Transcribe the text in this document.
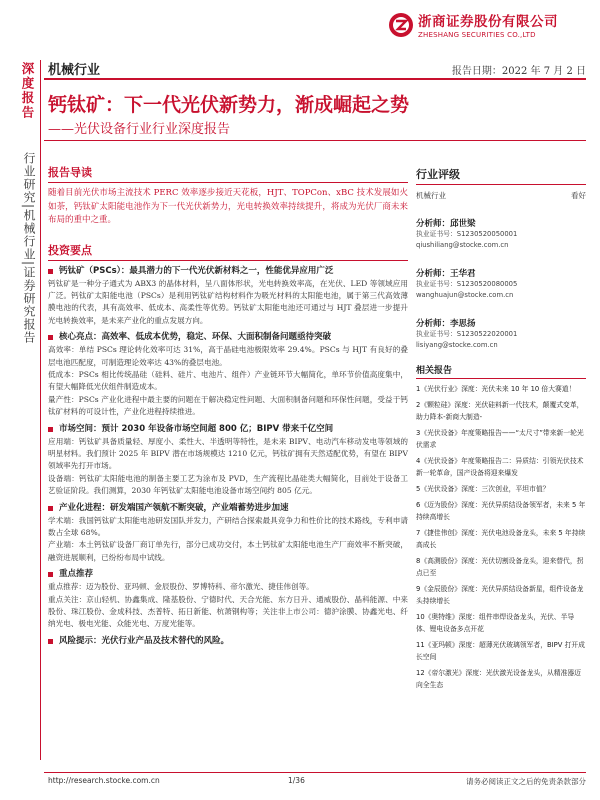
浙商证券股份有限公司
ZHESHANG SECURITIES CO.,LTD
深度报告
行业研究|机械行业|证券研究报告
机械行业	报告日期：2022 年 7 月 2 日
钙钛矿：下一代光伏新势力，渐成崛起之势
——光伏设备行业行业深度报告
报告导读
随着目前光伏市场主流技术 PERC 效率逐步接近天花板，HJT、TOPCon、xBC 技术发展如火如荼，钙钛矿太阳能电池作为下一代光伏新势力，光电转换效率持续提升，将成为光伏厂商未来布局的重中之重。
投资要点
钙钛矿（PSCs）：最具潜力的下一代光伏新材料之一，性能优异应用广泛
钙钛矿是一种分子通式为 ABX3 的晶体材料，呈八面体形状，光电转换效率高，在光伏、LED 等领域应用广泛。钙钛矿太阳能电池（PSCs）是利用钙钛矿结构材料作为吸光材料的太阳能电池，属于第三代高效薄膜电池的代表，具有高效率、低成本、高柔性等优势。钙钛矿太阳能电池还可通过与 HJT 叠层进一步提升光电转换效率，是未来产业化的重点发展方向。
核心亮点：高效率、低成本优势，稳定、环保、大面积制备问题亟待突破
高效率：单结 PSCs 理论转化效率可达 31%，高于晶硅电池极限效率 29.4%。PSCs 与 HJT 有良好的叠层电池匹配度，可制造理论效率达 43%的叠层电池。
低成本：PSCs 相比传统晶硅（硅料、硅片、电池片、组件）产业链环节大幅简化，单环节价值高度集中，有望大幅降低光伏组件制造成本。
量产性：PSCs 产业化进程中最主要的问题在于解决稳定性问题、大面积制备问题和环保性问题，受益于钙钛矿材料的可设计性，产业化进程持续推进。
市场空间：预计 2030 年设备市场空间超 800 亿；BIPV 带来千亿空间
应用端：钙钛矿具备质量轻、厚度小、柔性大、半透明等特性，是未来 BIPV、电动汽车移动发电等领域的明星材料。我们预计 2025 年 BIPV 潜在市场规模达 1210 亿元，钙钛矿拥有天然适配优势，有望在 BIPV 领域率先打开市场。
设备端：钙钛矿太阳能电池的制备主要工艺为涂布及 PVD，生产流程比晶硅类大幅简化，目前处于设备工艺验证阶段。我们测算，2030 年钙钛矿太阳能电池设备市场空间约 805 亿元。
产业化进程：研发端国产领航不断突破，产业端蓄势进步加速
学术端：我国钙钛矿太阳能电池研发国队并发力，产研结合探索最具竞争力和性价比的技术路线，专利申请数占全球 68%。
产业端：本土钙钛矿设备厂商订单先行，部分已成功交付，本土钙钛矿太阳能电池生产厂商效率不断突破，融资进展顺利，已纷纷布局中试线。
重点推荐
重点推荐：迈为股份、亚玛顿、金辰股份、罗博特科、帝尔激光、捷佳伟创等。
重点关注：京山轻机、协鑫集成、隆基股份、宁德时代、天合光能、东方日升、通威股份、晶科能源、中来股份、珠江股份、金成科技、杰普特、拓日新能、杭萧钢构等；关注非上市公司：德沪涂膜、协鑫光电、纤纳光电、极电光能、众能光电、万度光能等。
风险提示：光伏行业产品及技术替代的风险。
行业评级
机械行业	看好
分析师：邱世梁
执业证书号：S1230520050001
qiushiliang@stocke.com.cn
分析师：王华君
执业证书号：S1230520080005
wanghuajun@stocke.com.cn
分析师：李思扬
执业证书号：S1230522020001
lisiyang@stocke.com.cn
相关报告
1《光伏行业》深度：光伏未来 10 年 10 倍大赛道！
2《颗粒硅》深度：光伏硅料新一代技术，颠覆式变革，助力降本-新商大制造-
3《光伏设备》年度策略报告——“太尺寸”带来新一轮光伏需求
4《光伏设备》年度策略报告二：异质结：引领光伏技术新一轮革命，国产设备将迎来爆发
5《光伏设备》深度：三次创业，平坦市值？
6《迈为股份》深度：光伏异质结设备领军者，未来 5 年持续高增长
7《捷佳伟创》深度：光伏电池设备龙头，未来 5 年持续高成长
8《高测股份》深度：光伏切割设备龙头，迎来替代，拐点已至
9《金辰股份》深度：光伏异质结设备新星，组件设备龙头持续增长
10《奥特维》深度：组件串焊设备龙头，光伏、半导体、锂电设备多点开花
11《亚玛顿》深度：超薄光伏玻璃领军者，BIPV 打开成长空间
12《帝尔激光》深度：光伏激光设备龙头，从精准器迈向全生态
http://research.stocke.com.cn	1/36	请务必阅读正文之后的免责条款部分
